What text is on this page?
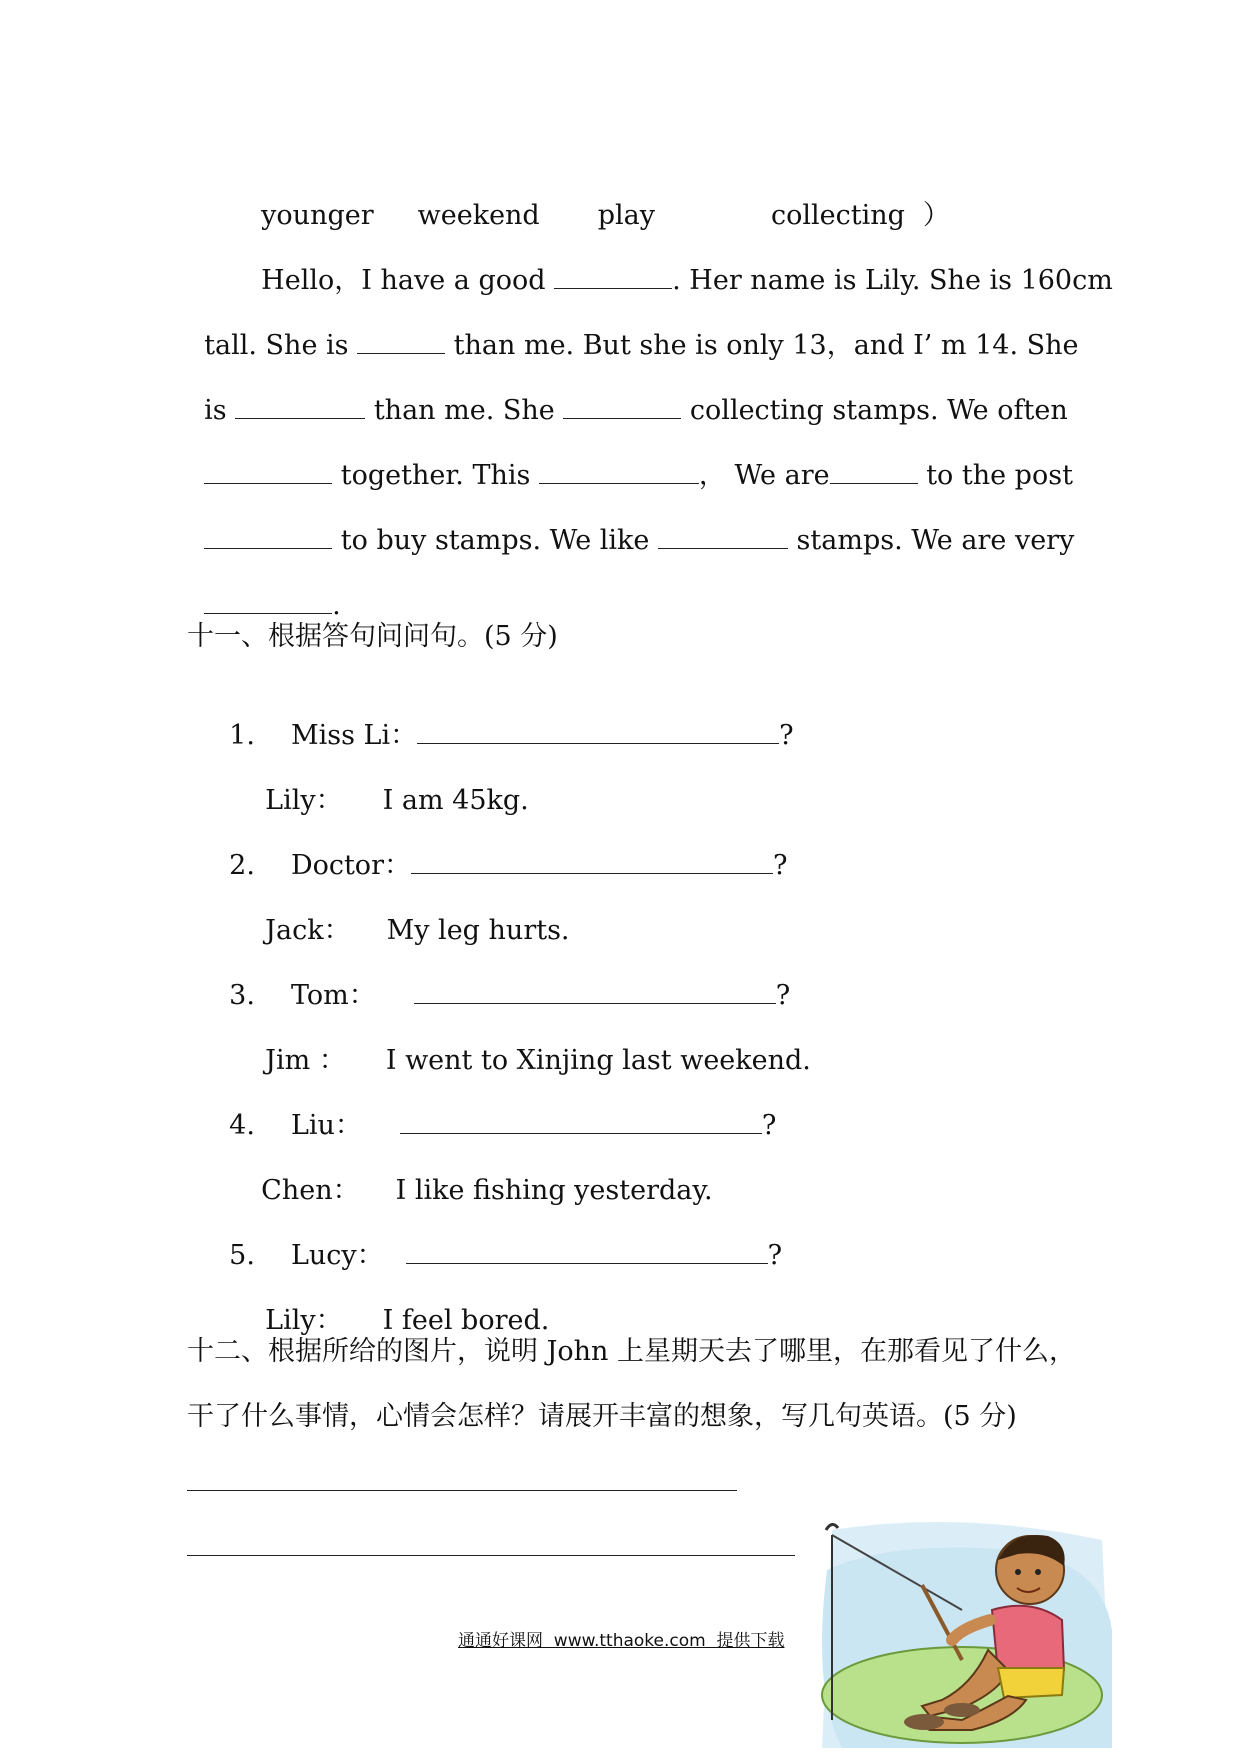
younger weekend play	collecting ）

Hello，I have a good	. Her name is Lily. She is 160cm

tall. She is	than me. But she is only 13，and I’ m 14. She

is	than me. She	collecting stamps. We often

together. This	， We are	to the post

to buy stamps. We like	stamps. We are very

.

十一、根据答句问问句。(5 分)

1. Miss Li：	?

Lily： I am 45kg.

2. Doctor：	?

Jack： My leg hurts.

3. Tom：	?

Jim ： I went to Xinjing last weekend.

4. Liu：	?

Chen： I like fishing yesterday.

5. Lucy：	?

Lily： I feel bored.

十二、根据所给的图片，说明 John 上星期天去了哪里，在那看见了什么，
干了什么事情，心情会怎样？请展开丰富的想象，写几句英语。(5 分)
通通好课网  www.tthaoke.com  提供下载
